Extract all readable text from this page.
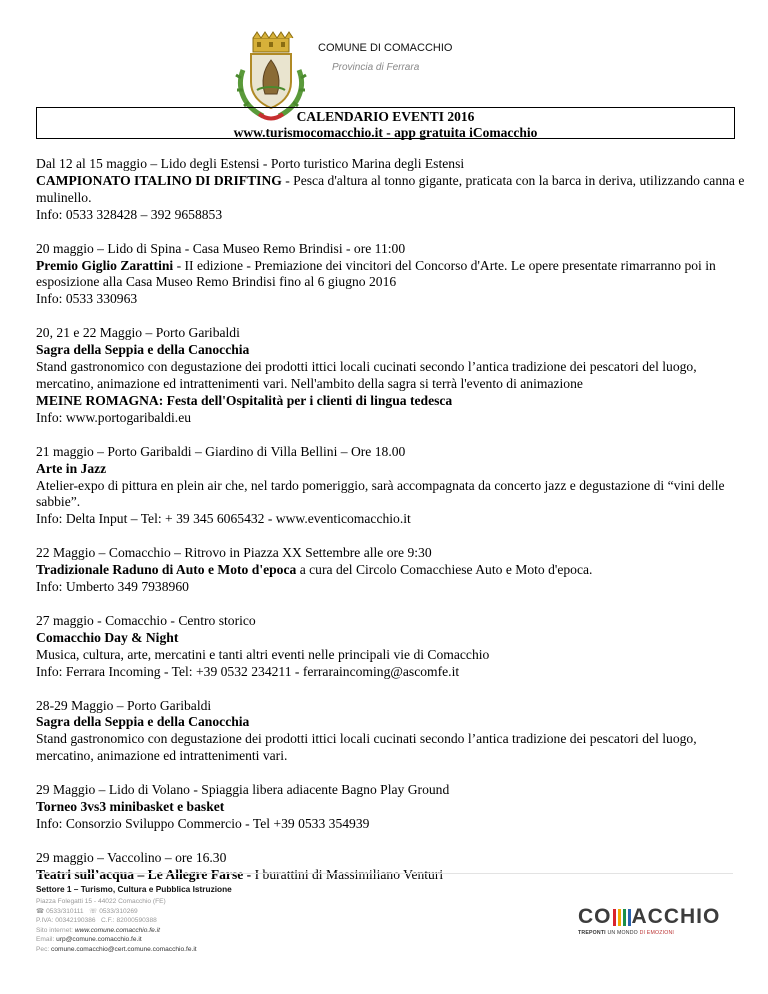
COMUNE DI COMACCHIO
Provincia di Ferrara
CALENDARIO EVENTI 2016
www.turismocomacchio.it - app gratuita iComacchio

Dal 12 al 15 maggio – Lido degli Estensi - Porto turistico Marina degli Estensi

CAMPIONATO ITALINO DI DRIFTING - Pesca d'altura al tonno gigante, praticata con la barca in deriva, utilizzando canna e mulinello.

Info: 0533 328428 – 392 9658853

20 maggio – Lido di Spina - Casa Museo Remo Brindisi - ore 11:00

Premio Giglio Zarattini - II edizione - Premiazione dei vincitori del Concorso d'Arte. Le opere presentate rimarranno poi in esposizione alla Casa Museo Remo Brindisi fino al 6 giugno 2016

Info: 0533 330963

20, 21 e 22 Maggio – Porto Garibaldi

Sagra della Seppia e della Canocchia
Stand gastronomico con degustazione dei prodotti ittici locali cucinati secondo l’antica tradizione dei pescatori del luogo, mercatino, animazione ed intrattenimenti vari. Nell'ambito della sagra si terrà l'evento di animazione

MEINE ROMAGNA: Festa dell'Ospitalità per i clienti di lingua tedesca

Info: www.portogaribaldi.eu

21 maggio – Porto Garibaldi – Giardino di Villa Bellini – Ore 18.00

Arte in Jazz
Atelier-expo di pittura en plein air che, nel tardo pomeriggio, sarà accompagnata da concerto jazz e degustazione di “vini delle sabbie”.

Info: Delta Input – Tel: + 39 345 6065432 - www.eventicomacchio.it

22 Maggio – Comacchio – Ritrovo in Piazza XX Settembre alle ore 9:30

Tradizionale Raduno di Auto e Moto d'epoca a cura del Circolo Comacchiese Auto e Moto d'epoca.

Info: Umberto 349 7938960

27 maggio - Comacchio - Centro storico

Comacchio Day & Night
Musica, cultura, arte, mercatini e tanti altri eventi nelle principali vie di Comacchio

Info: Ferrara Incoming - Tel: +39 0532 234211 - ferraraincoming@ascomfe.it

28-29 Maggio – Porto Garibaldi

Sagra della Seppia e della Canocchia
Stand gastronomico con degustazione dei prodotti ittici locali cucinati secondo l’antica tradizione dei pescatori del luogo, mercatino, animazione ed intrattenimenti vari.

29 Maggio – Lido di Volano - Spiaggia libera adiacente Bagno Play Ground

Torneo 3vs3 minibasket e basket

Info: Consorzio Sviluppo Commercio - Tel +39 0533 354939

29 maggio – Vaccolino – ore 16.30

Teatri sull’acqua – Le Allegre Farse - I burattini di Massimiliano Venturi

Settore 1 – Turismo, Cultura e Pubblica Istruzione
Piazza Folegatti 15 - 44022 Comacchio (FE)
☎ 0533/310111 ☏ 0533/310269
P.IVA: 00342190386 C.F.: 82000590388
Sito internet: www.comune.comacchio.fe.it
Email: urp@comune.comacchio.fe.it
Pec: comune.comacchio@cert.comune.comacchio.fe.it
CO ACCHIO
TREPONTI UN MONDO DI EMOZIONI
